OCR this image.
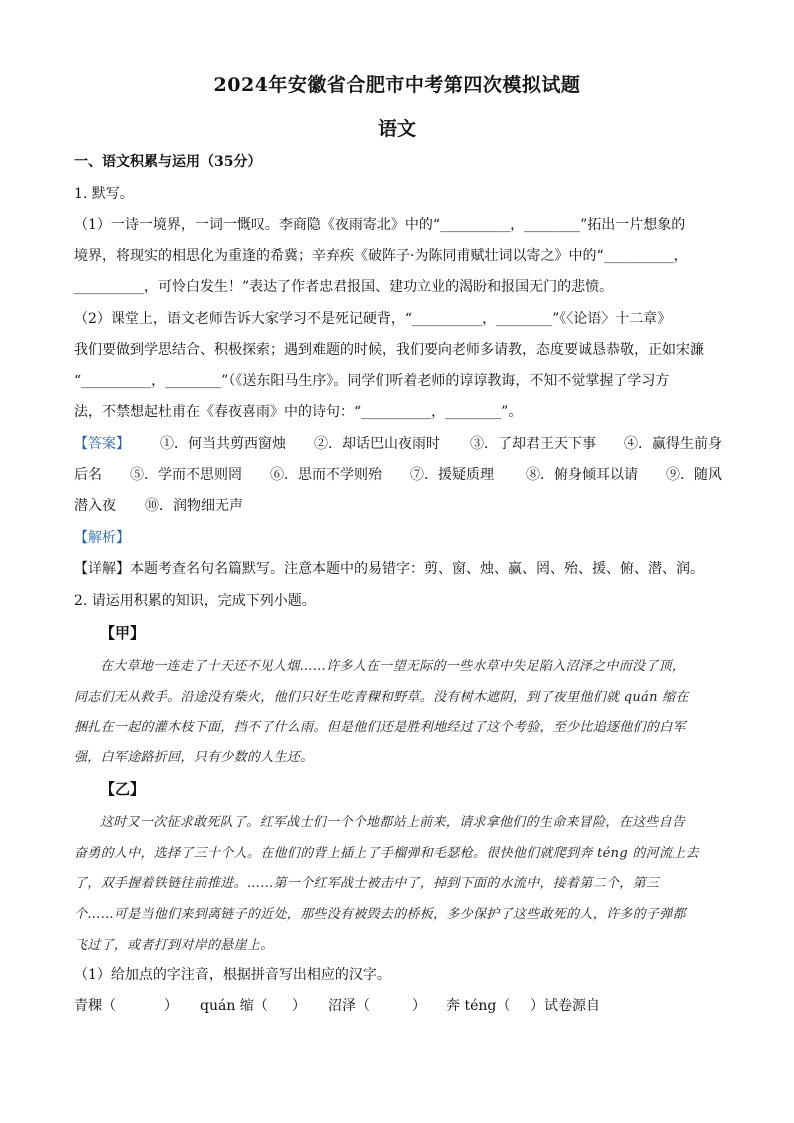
2024年安徽省合肥市中考第四次模拟试题
语文
一、语文积累与运用（35分）
1. 默写。
（1）一诗一境界，一词一慨叹。李商隐《夜雨寄北》中的“__________，________”拓出一片想象的
境界，将现实的相思化为重逢的希冀；辛弃疾《破阵子·为陈同甫赋壮词以寄之》中的“__________，
__________，可怜白发生！”表达了作者忠君报国、建功立业的渴盼和报国无门的悲愤。
（2）课堂上，语文老师告诉大家学习不是死记硬背，“__________，________”《〈论语〉十二章》
我们要做到学思结合、积极探索；遇到难题的时候，我们要向老师多请教，态度要诚恳恭敬，正如宋濂
“__________，________”（《送东阳马生序》。同学们听着老师的谆谆教诲，不知不觉掌握了学习方
法，不禁想起杜甫在《春夜喜雨》中的诗句：“__________，________”。
【答案】 ①．何当共剪西窗烛 ②．却话巴山夜雨时 ③．了却君王天下事 ④．赢得生前身
后名 ⑤．学而不思则罔 ⑥．思而不学则殆 ⑦．援疑质理 ⑧．俯身倾耳以请 ⑨．随风
潜入夜 ⑩．润物细无声
【解析】
【详解】本题考查名句名篇默写。注意本题中的易错字：剪、窗、烛、赢、罔、殆、援、俯、潜、润。
2. 请运用积累的知识，完成下列小题。
【甲】
在大草地一连走了十天还不见人烟……许多人在一望无际的一些水草中失足陷入沼泽之中而没了顶，
同志们无从救手。沿途没有柴火，他们只好生吃青稞和野草。没有树木遮阴，到了夜里他们就 quán 缩在
捆扎在一起的灌木枝下面，挡不了什么雨。但是他们还是胜利地经过了这个考验，至少比追逐他们的白军
强，白军途路折回，只有少数的人生还。
【乙】
这时又一次征求敢死队了。红军战士们一个个地都站上前来，请求拿他们的生命来冒险，在这些自告
奋勇的人中，选择了三十个人。在他们的背上插上了手榴弹和毛瑟枪。很快他们就爬到奔 téng 的河流上去
了，双手握着铁链往前推进。……第一个红军战士被击中了，掉到下面的水流中，接着第二个，第三
个……可是当他们来到离链子的近处，那些没有被毁去的桥板，多少保护了这些敢死的人，许多的子弹都
飞过了，或者打到对岸的悬崖上。
（1）给加点的字注音，根据拼音写出相应的汉字。
青稞（	） quán 缩（ ） 沼泽（	） 奔 téng（ ）试卷源自
